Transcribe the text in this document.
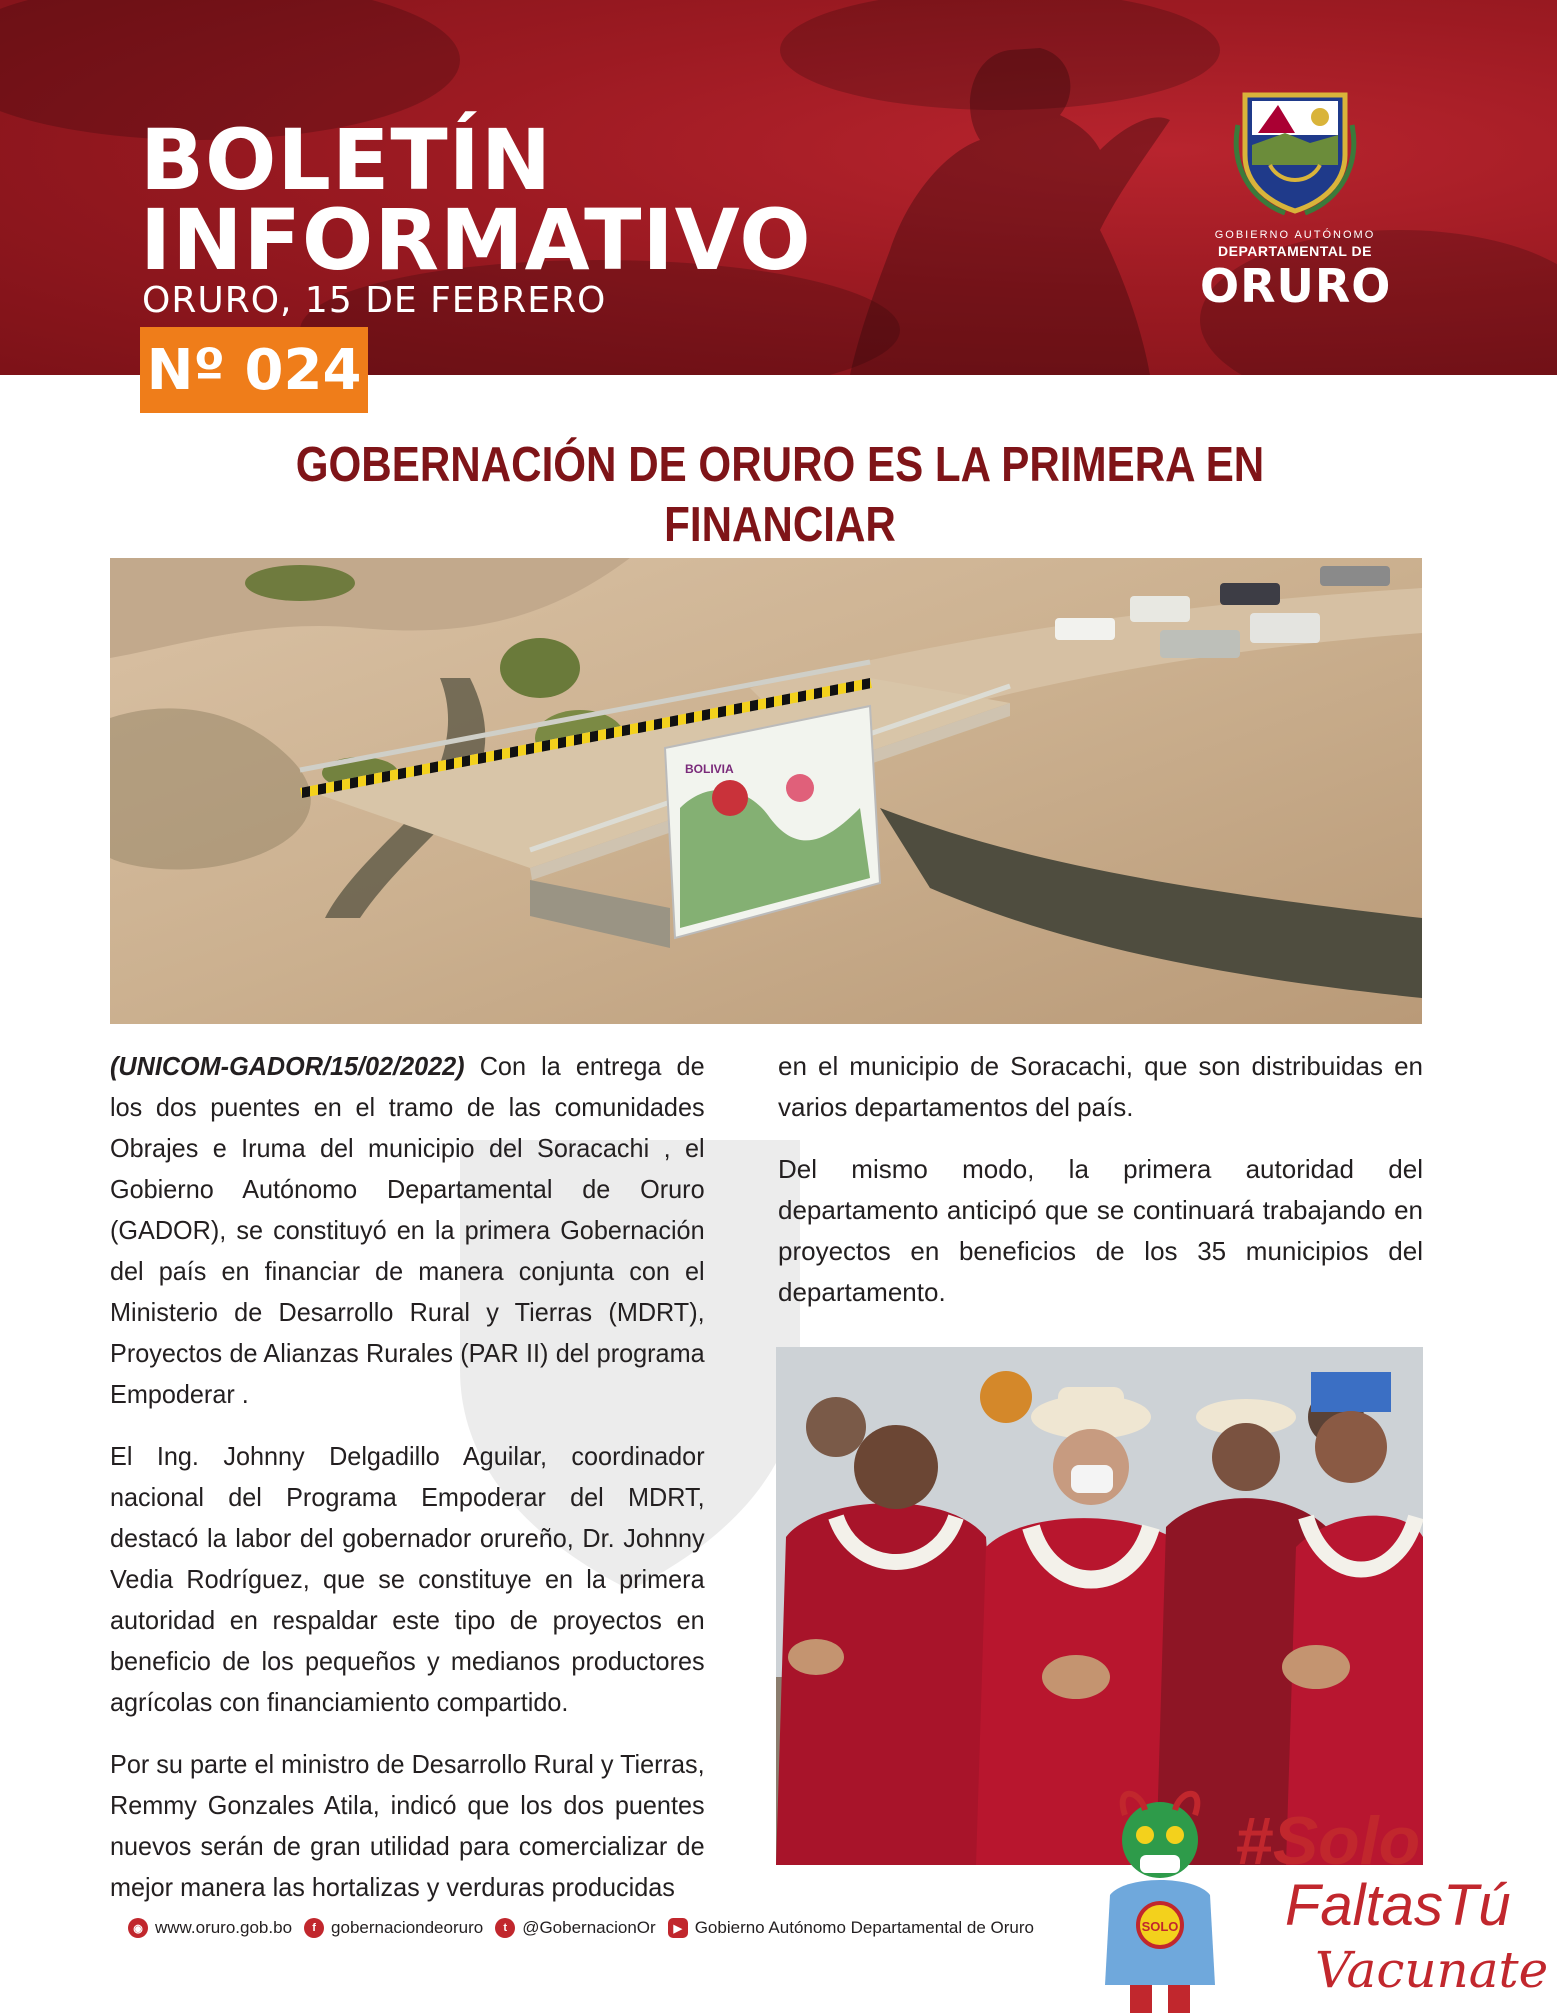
BOLETÍN
INFORMATIVO
ORURO, 15 DE FEBRERO
GOBIERNO AUTÓNOMO
DEPARTAMENTAL DE
ORURO
Nº 024
GOBERNACIÓN DE ORURO ES LA PRIMERA EN FINANCIAR
BOLIVIA

(UNICOM-GADOR/15/02/2022) Con la entrega de los dos puentes en el tramo de las comunidades Obrajes e Iruma del municipio del Soracachi , el Gobierno Autónomo Departamental de Oruro (GADOR), se constituyó en la primera Gobernación del país en financiar de manera conjunta con el Ministerio de Desarrollo Rural y Tierras (MDRT), Proyectos de Alianzas Rurales (PAR II) del programa Empoderar .

El Ing. Johnny Delgadillo Aguilar, coordinador nacional del Programa Empoderar del MDRT, destacó la labor del gobernador orureño, Dr. Johnny Vedia Rodríguez, que se constituye en la primera autoridad en respaldar este tipo de proyectos en beneficio de los pequeños y medianos productores agrícolas con financiamiento compartido.

Por su parte el ministro de Desarrollo Rural y Tierras, Remmy Gonzales Atila, indicó que los dos puentes nuevos serán de gran utilidad para comercializar de mejor manera las hortalizas y verduras producidas

en el municipio de Soracachi, que son distribuidas en varios departamentos del país.

Del mismo modo, la primera autoridad del departamento anticipó que se continuará trabajando en proyectos en beneficios de los 35 municipios del departamento.

◉ www.oruro.gob.bo	f gobernaciondeoruro	t @GobernacionOr	▶ Gobierno Autónomo Departamental de Oruro	SOLO
#Solo
FaltasTú
Vacunate
